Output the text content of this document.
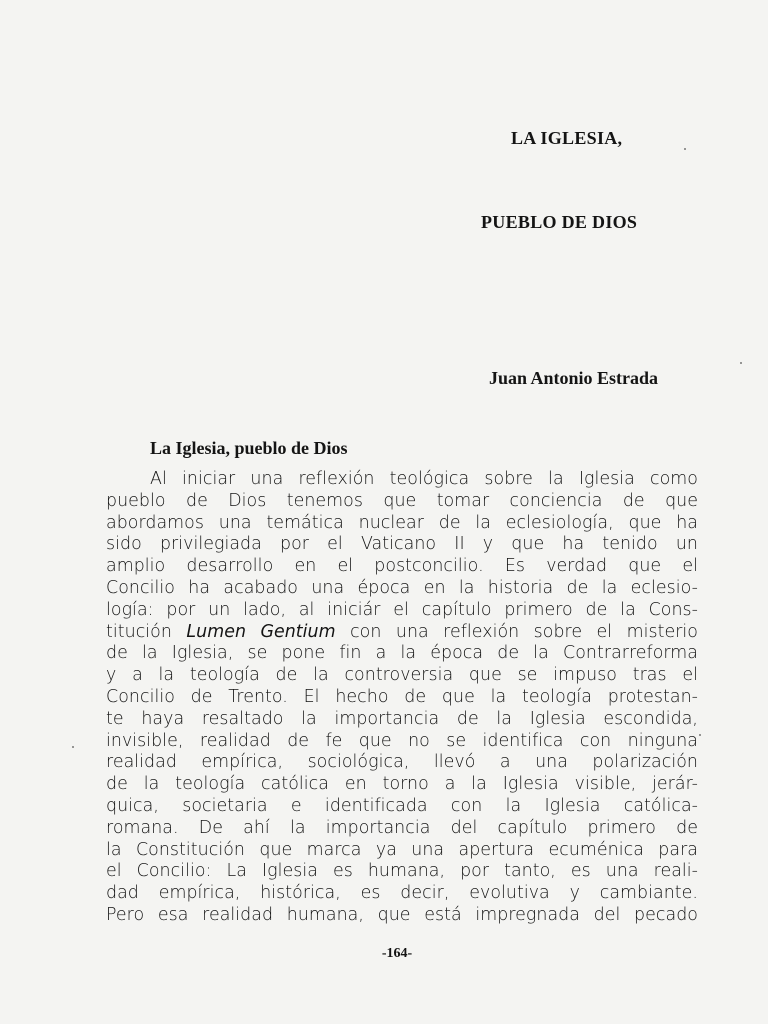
LA IGLESIA,
PUEBLO DE DIOS
Juan Antonio Estrada
La Iglesia, pueblo de Dios
Al iniciar una reflexión teológica sobre la Iglesia como
pueblo de Dios tenemos que tomar conciencia de que
abordamos una temática nuclear de la eclesiología, que ha
sido privilegiada por el Vaticano II y que ha tenido un
amplio desarrollo en el postconcilio. Es verdad que el
Concilio ha acabado una época en la historia de la eclesio-
logía: por un lado, al iniciár el capítulo primero de la Cons-
titución Lumen Gentium con una reflexión sobre el misterio
de la Iglesia, se pone fin a la época de la Contrarreforma
y a la teología de la controversia que se impuso tras el
Concilio de Trento. El hecho de que la teología protestan-
te haya resaltado la importancia de la Iglesia escondida,
invisible, realidad de fe que no se identifica con ninguna
realidad empírica, sociológica, llevó a una polarización
de la teología católica en torno a la Iglesia visible, jerár-
quica, societaria e identificada con la Iglesia católica-
romana. De ahí la importancia del capítulo primero de
la Constitución que marca ya una apertura ecuménica para
el Concilio: La Iglesia es humana, por tanto, es una reali-
dad empírica, histórica, es decir, evolutiva y cambiante.
Pero esa realidad humana, que está impregnada del pecado
-164-
